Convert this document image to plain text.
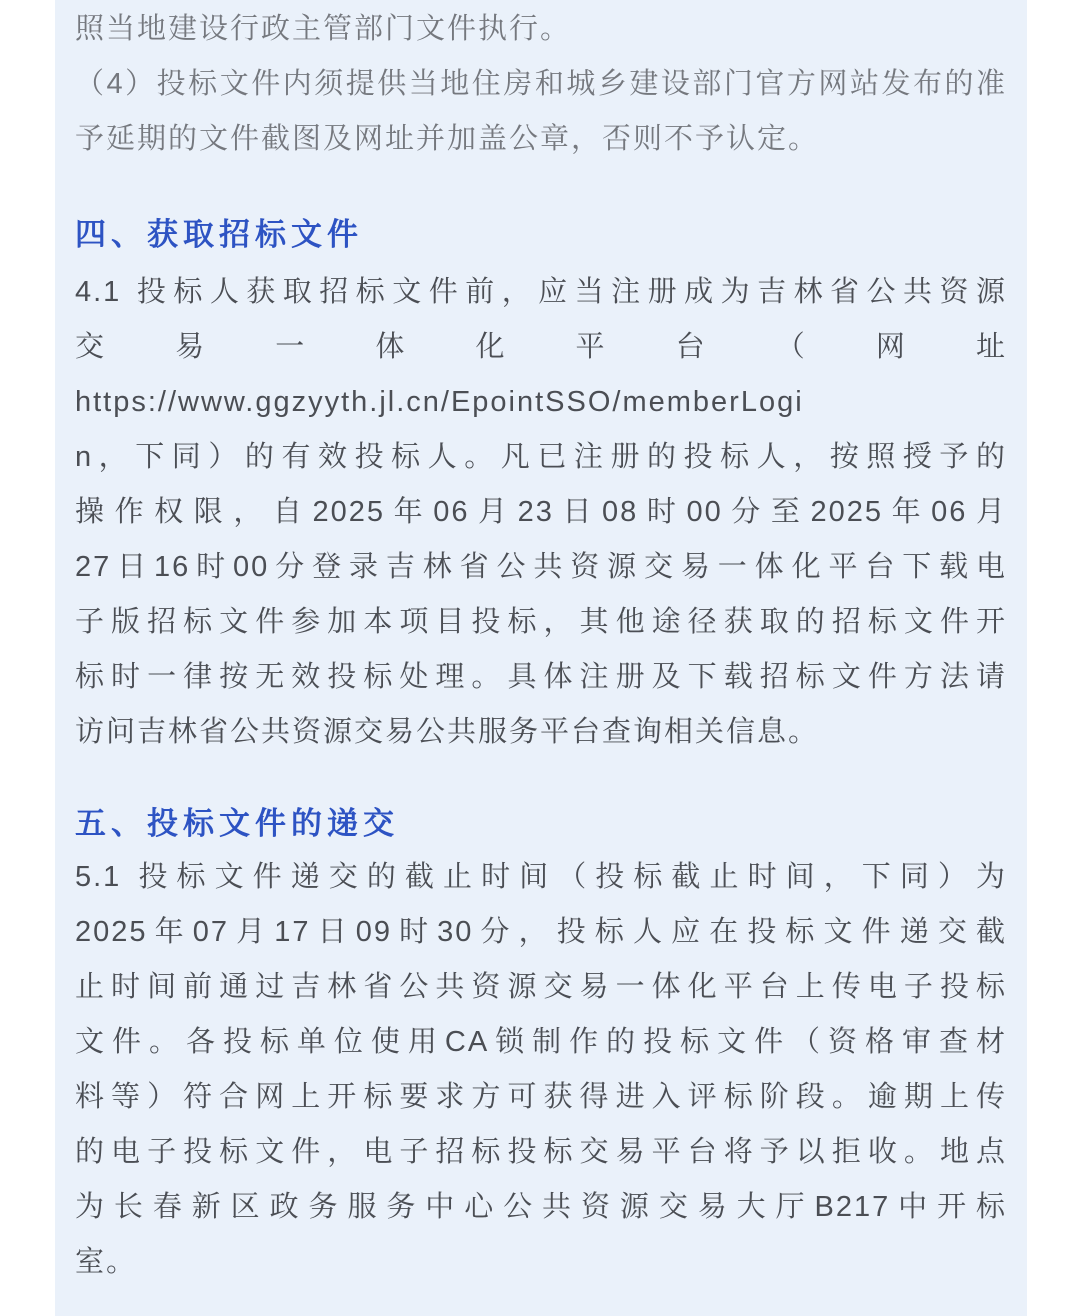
照当地建设行政主管部门文件执行。
（4）投标文件内须提供当地住房和城乡建设部门官方网站发布的准
予延期的文件截图及网址并加盖公章，否则不予认定。

四、获取招标文件

4.1 投标人获取招标文件前，应当注册成为吉林省公共资源
交易一体化平台（网址
https://www.ggzyyth.jl.cn/EpointSSO/memberLogi
n，下同）的有效投标人。凡已注册的投标人，按照授予的
操作权限，自2025年06月23日08时00分至2025年06月
27日16时00分登录吉林省公共资源交易一体化平台下载电
子版招标文件参加本项目投标，其他途径获取的招标文件开
标时一律按无效投标处理。具体注册及下载招标文件方法请
访问吉林省公共资源交易公共服务平台查询相关信息。

五、投标文件的递交

5.1 投标文件递交的截止时间（投标截止时间，下同）为
2025年07月17日09时30分，投标人应在投标文件递交截
止时间前通过吉林省公共资源交易一体化平台上传电子投标
文件。各投标单位使用CA锁制作的投标文件（资格审查材
料等）符合网上开标要求方可获得进入评标阶段。逾期上传
的电子投标文件，电子招标投标交易平台将予以拒收。地点
为长春新区政务服务中心公共资源交易大厅B217中开标
室。
